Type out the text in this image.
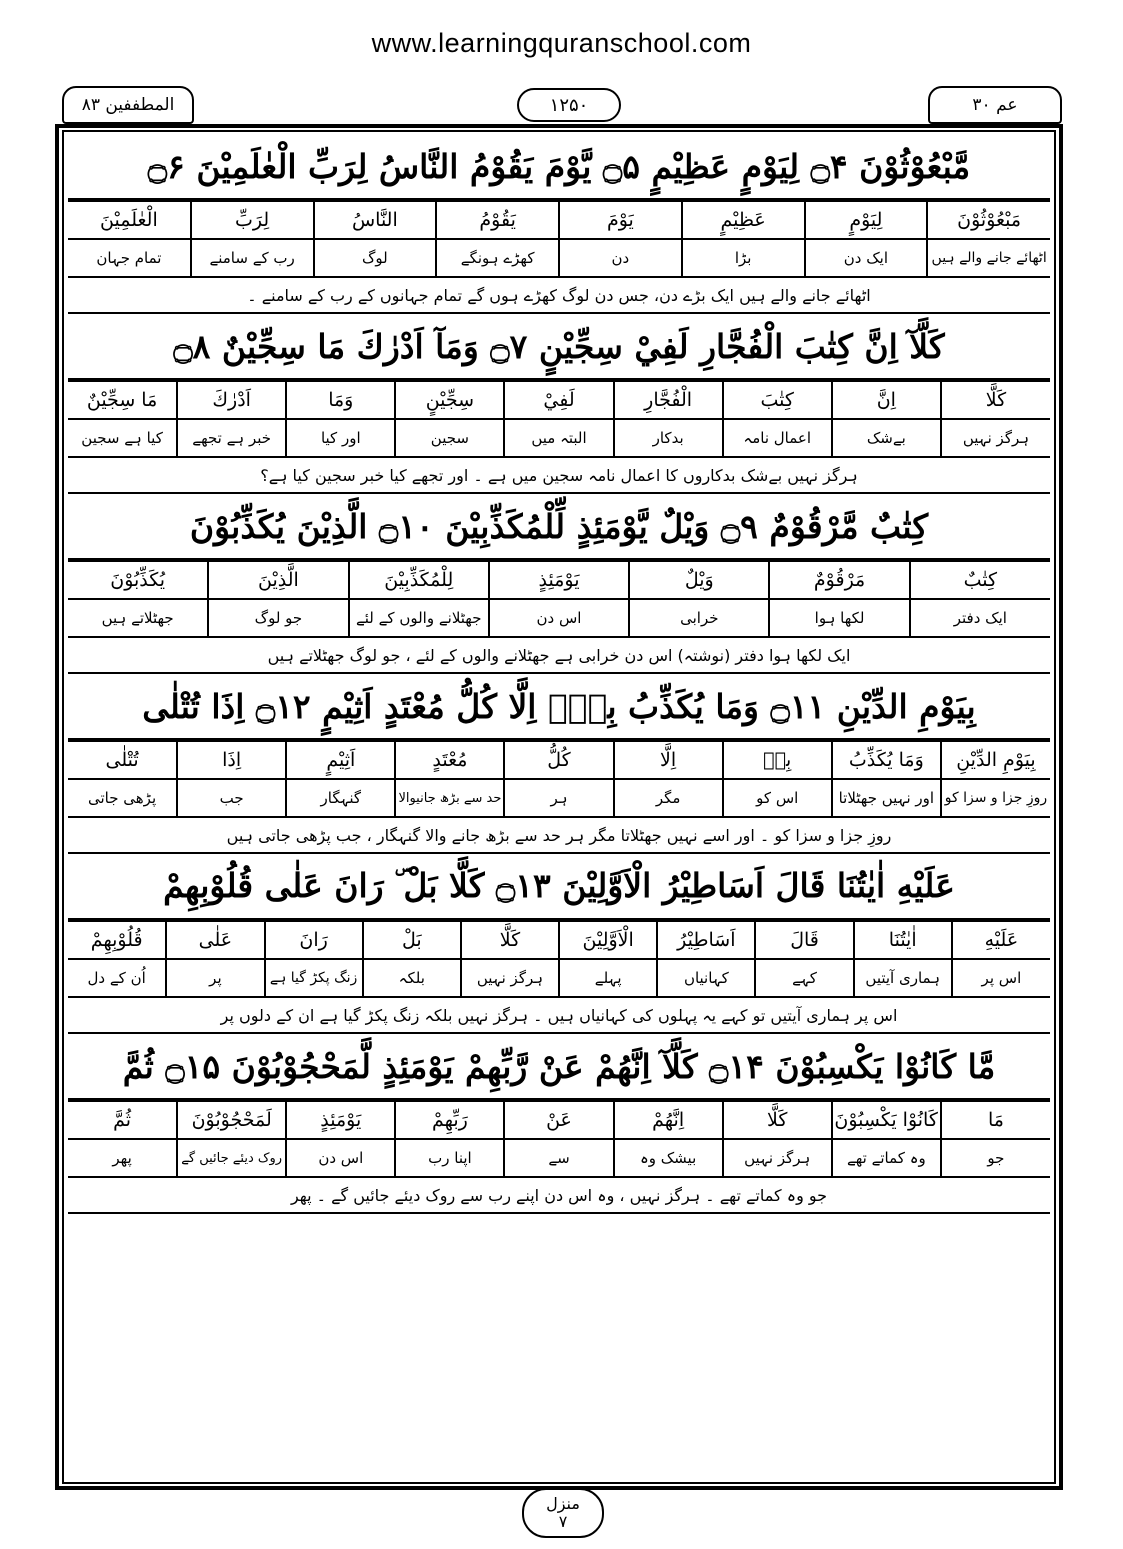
www.learningquranschool.com
المطففین ۸۳	۱۲۵۰	عم ۳۰
مَّبْعُوْثُوْنَ ۝۴ لِيَوْمٍ عَظِيْمٍ ۝۵ يَّوْمَ يَقُوْمُ النَّاسُ لِرَبِّ الْعٰلَمِيْنَ ۝۶
مَبْعُوْثُوْنَ	لِيَوْمٍ	عَظِيْمٍ	يَوْمَ	يَقُوْمُ	النَّاسُ	لِرَبِّ	الْعٰلَمِيْنَ
اٹھائے جانے والے ہیں	ایک دن	بڑا	دن	کھڑے ہونگے	لوگ	رب کے سامنے	تمام جہان
اٹھائے جانے والے ہیں ایک بڑے دن، جس دن لوگ کھڑے ہوں گے تمام جہانوں کے رب کے سامنے ۔
كَلَّآ اِنَّ كِتٰبَ الْفُجَّارِ لَفِيْ سِجِّيْنٍ ۝۷ وَمَآ اَدْرٰكَ مَا سِجِّيْنٌ ۝۸
كَلَّا	اِنَّ	كِتٰبَ	الْفُجَّارِ	لَفِيْ	سِجِّيْنٍ	وَمَا	اَدْرٰكَ	مَا سِجِّيْنٌ
ہرگز نہیں	بےشک	اعمال نامہ	بدکار	البتہ میں	سجین	اور کیا	خبر ہے تجھے	کیا ہے سجین
ہرگز نہیں بےشک بدکاروں کا اعمال نامہ سجین میں ہے ۔ اور تجھے کیا خبر سجین کیا ہے؟
كِتٰبٌ مَّرْقُوْمٌ ۝۹ وَيْلٌ يَّوْمَئِذٍ لِّلْمُكَذِّبِيْنَ ۝۱۰ الَّذِيْنَ يُكَذِّبُوْنَ
كِتٰبٌ	مَرْقُوْمٌ	وَيْلٌ	يَوْمَئِذٍ	لِلْمُكَذِّبِيْنَ	الَّذِيْنَ	يُكَذِّبُوْنَ
ایک دفتر	لکھا ہوا	خرابی	اس دن	جھٹلانے والوں کے لئے	جو لوگ	جھٹلاتے ہیں
ایک لکھا ہوا دفتر (نوشتہ) اس دن خرابی ہے جھٹلانے والوں کے لئے ، جو لوگ جھٹلاتے ہیں
بِيَوْمِ الدِّيْنِ ۝۱۱ وَمَا يُكَذِّبُ بِهٖٓ اِلَّا كُلُّ مُعْتَدٍ اَثِيْمٍ ۝۱۲ اِذَا تُتْلٰى
بِيَوْمِ الدِّيْنِ	وَمَا يُكَذِّبُ	بِهٖ	اِلَّا	كُلُّ	مُعْتَدٍ	اَثِيْمٍ	اِذَا	تُتْلٰى
روزِ جزا و سزا کو	اور نہیں جھٹلاتا	اس کو	مگر	ہر	حد سے بڑھ جانیوالا	گنہگار	جب	پڑھی جاتی
روزِ جزا و سزا کو ۔ اور اسے نہیں جھٹلاتا مگر ہر حد سے بڑھ جانے والا گنہگار ، جب پڑھی جاتی ہیں
عَلَيْهِ اٰيٰتُنَا قَالَ اَسَاطِيْرُ الْاَوَّلِيْنَ ۝۱۳ كَلَّا بَلْ ۜ رَانَ عَلٰى قُلُوْبِهِمْ
عَلَيْهِ	اٰيٰتُنَا	قَالَ	اَسَاطِيْرُ	الْاَوَّلِيْنَ	كَلَّا	بَلْ	رَانَ	عَلٰى	قُلُوْبِهِمْ
اس پر	ہماری آیتیں	کہے	کہانیاں	پہلے	ہرگز نہیں	بلکہ	زنگ پکڑ گیا ہے	پر	اُن کے دل
اس پر ہماری آیتیں تو کہے یہ پہلوں کی کہانیاں ہیں ۔ ہرگز نہیں بلکہ زنگ پکڑ گیا ہے ان کے دلوں پر
مَّا كَانُوْا يَكْسِبُوْنَ ۝۱۴ كَلَّآ اِنَّهُمْ عَنْ رَّبِّهِمْ يَوْمَئِذٍ لَّمَحْجُوْبُوْنَ ۝۱۵ ثُمَّ
مَا	كَانُوْا يَكْسِبُوْنَ	كَلَّا	اِنَّهُمْ	عَنْ	رَبِّهِمْ	يَوْمَئِذٍ	لَمَحْجُوْبُوْنَ	ثُمَّ
جو	وہ کماتے تھے	ہرگز نہیں	بیشک وہ	سے	اپنا رب	اس دن	روک دیئے جائیں گے	پھر
جو وہ کماتے تھے ۔ ہرگز نہیں ، وہ اس دن اپنے رب سے روک دیئے جائیں گے ۔ پھر
منزل
۷
